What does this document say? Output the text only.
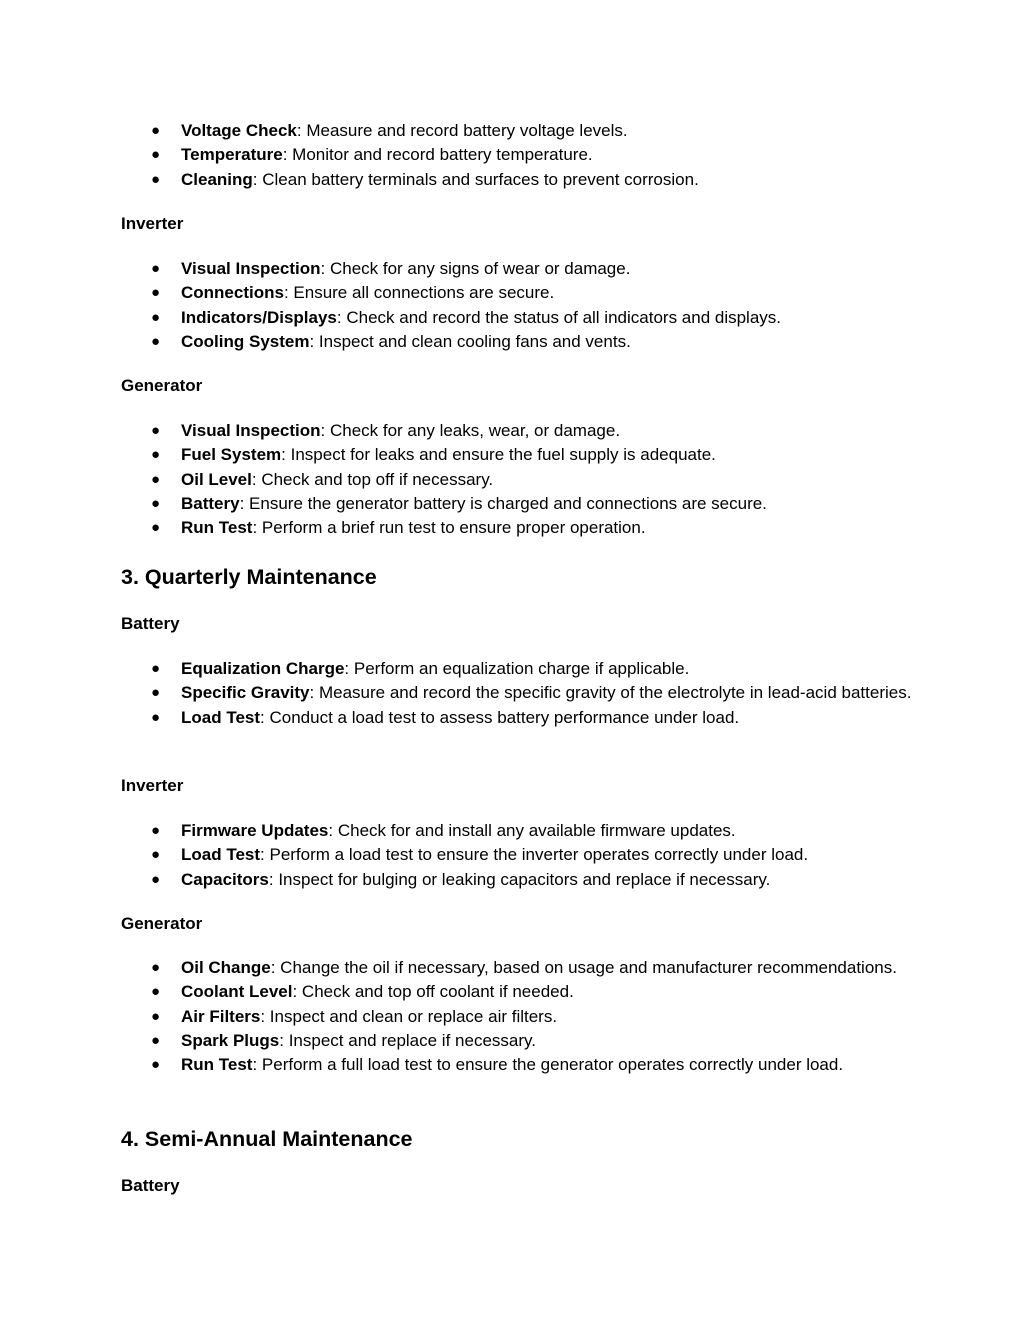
● Voltage Check: Measure and record battery voltage levels.
● Temperature: Monitor and record battery temperature.
● Cleaning: Clean battery terminals and surfaces to prevent corrosion.

Inverter

● Visual Inspection: Check for any signs of wear or damage.
● Connections: Ensure all connections are secure.
● Indicators/Displays: Check and record the status of all indicators and displays.
● Cooling System: Inspect and clean cooling fans and vents.

Generator

● Visual Inspection: Check for any leaks, wear, or damage.
● Fuel System: Inspect for leaks and ensure the fuel supply is adequate.
● Oil Level: Check and top off if necessary.
● Battery: Ensure the generator battery is charged and connections are secure.
● Run Test: Perform a brief run test to ensure proper operation.
3. Quarterly Maintenance

Battery

● Equalization Charge: Perform an equalization charge if applicable.
● Specific Gravity: Measure and record the specific gravity of the electrolyte in lead-acid batteries.
● Load Test: Conduct a load test to assess battery performance under load.

Inverter

● Firmware Updates: Check for and install any available firmware updates.
● Load Test: Perform a load test to ensure the inverter operates correctly under load.
● Capacitors: Inspect for bulging or leaking capacitors and replace if necessary.

Generator

● Oil Change: Change the oil if necessary, based on usage and manufacturer recommendations.
● Coolant Level: Check and top off coolant if needed.
● Air Filters: Inspect and clean or replace air filters.
● Spark Plugs: Inspect and replace if necessary.
● Run Test: Perform a full load test to ensure the generator operates correctly under load.
4. Semi-Annual Maintenance

Battery
